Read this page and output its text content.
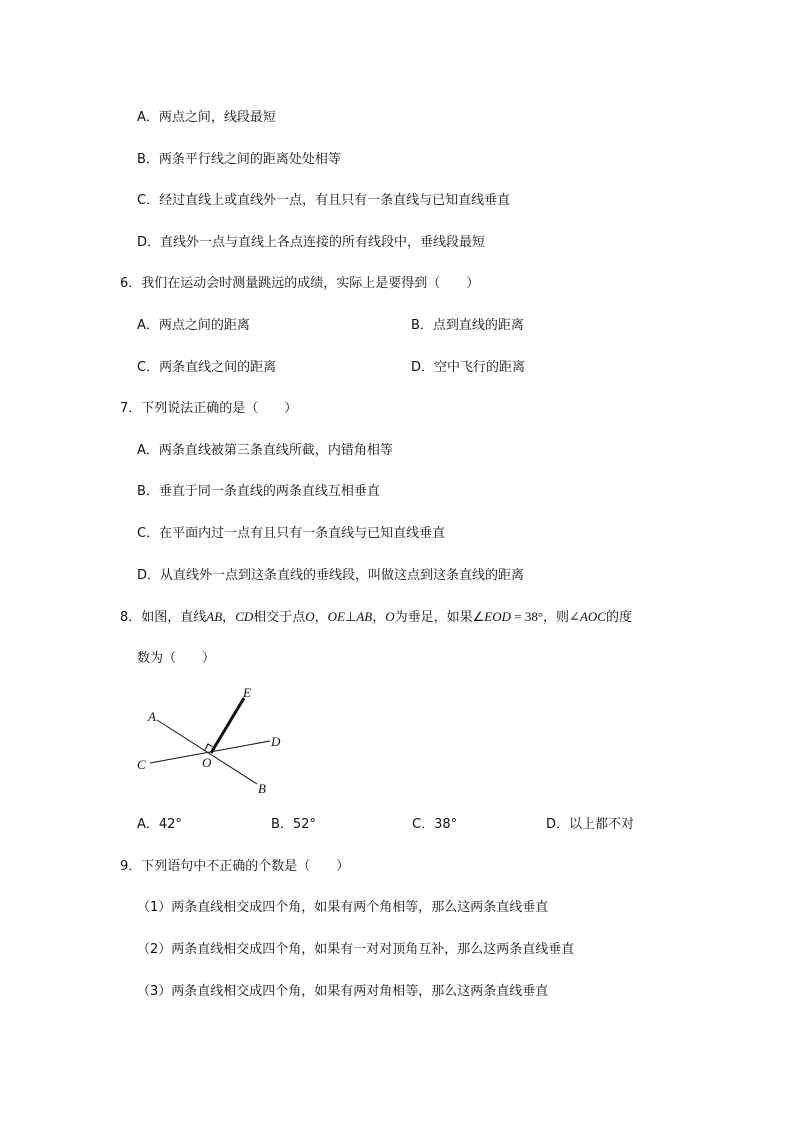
A．两点之间，线段最短
B．两条平行线之间的距离处处相等
C．经过直线上或直线外一点，有且只有一条直线与已知直线垂直
D．直线外一点与直线上各点连接的所有线段中，垂线段最短
6．我们在运动会时测量跳远的成绩，实际上是要得到（　　）
A．两点之间的距离	B．点到直线的距离
C．两条直线之间的距离	D．空中飞行的距离
7．下列说法正确的是（　　）
A．两条直线被第三条直线所截，内错角相等
B．垂直于同一条直线的两条直线互相垂直
C．在平面内过一点有且只有一条直线与已知直线垂直
D．从直线外一点到这条直线的垂线段，叫做这点到这条直线的距离
8．如图，直线AB，CD相交于点O，OE⊥AB，O为垂足，如果∠EOD = 38°，则∠AOC的度
数为（　　）
A
B
C
D
E
O
A．42°	B．52°	C．38°	D．以上都不对
9．下列语句中不正确的个数是（　　）
（1）两条直线相交成四个角，如果有两个角相等，那么这两条直线垂直
（2）两条直线相交成四个角，如果有一对对顶角互补，那么这两条直线垂直
（3）两条直线相交成四个角，如果有两对角相等，那么这两条直线垂直
